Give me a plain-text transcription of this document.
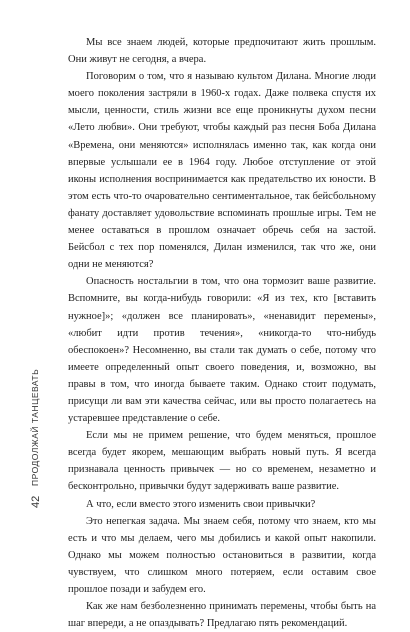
42
ПРОДОЛЖАЙ ТАНЦЕВАТЬ

Мы все знаем людей, которые предпочитают жить прошлым. Они живут не сегодня, а вчера.

Поговорим о том, что я называю культом Дилана. Многие люди моего поколения застряли в 1960-х годах. Даже полвека спустя их мысли, ценности, стиль жизни все еще проникнуты духом песни «Лето любви». Они требуют, чтобы каждый раз песня Боба Дилана «Времена, они меняются» исполнялась именно так, как когда они впервые услышали ее в 1964 году. Любое отступление от этой иконы исполнения воспринимается как предательство их юности. В этом есть что-то очаровательно сентиментальное, так бейсбольному фанату доставляет удовольствие вспоминать прошлые игры. Тем не менее оставаться в прошлом означает обречь себя на застой. Бейсбол с тех пор поменялся, Дилан изменился, так что же, они одни не меняются?

Опасность ностальгии в том, что она тормозит ваше развитие. Вспомните, вы когда-нибудь говорили: «Я из тех, кто [вставить нужное]»; «должен все планировать», «ненавидит перемены», «любит идти против течения», «никогда-то что-нибудь обеспокоен»? Несомненно, вы стали так думать о себе, потому что имеете определенный опыт своего поведения, и, возможно, вы правы в том, что иногда бываете таким. Однако стоит подумать, присущи ли вам эти качества сейчас, или вы просто полагаетесь на устаревшее представление о себе.

Если мы не примем решение, что будем меняться, прошлое всегда будет якорем, мешающим выбрать новый путь. Я всегда признавала ценность привычек — но со временем, незаметно и бесконтрольно, привычки будут задерживать ваше развитие.

А что, если вместо этого изменить свои привычки?

Это непегкая задача. Мы знаем себя, потому что знаем, кто мы есть и что мы делаем, чего мы добились и какой опыт накопили. Однако мы можем полностью остановиться в развитии, когда чувствуем, что слишком много потеряем, если оставим свое прошлое позади и забудем его.

Как же нам безболезненно принимать перемены, чтобы быть на шаг впереди, а не опаздывать? Предлагаю пять рекомендаций.
